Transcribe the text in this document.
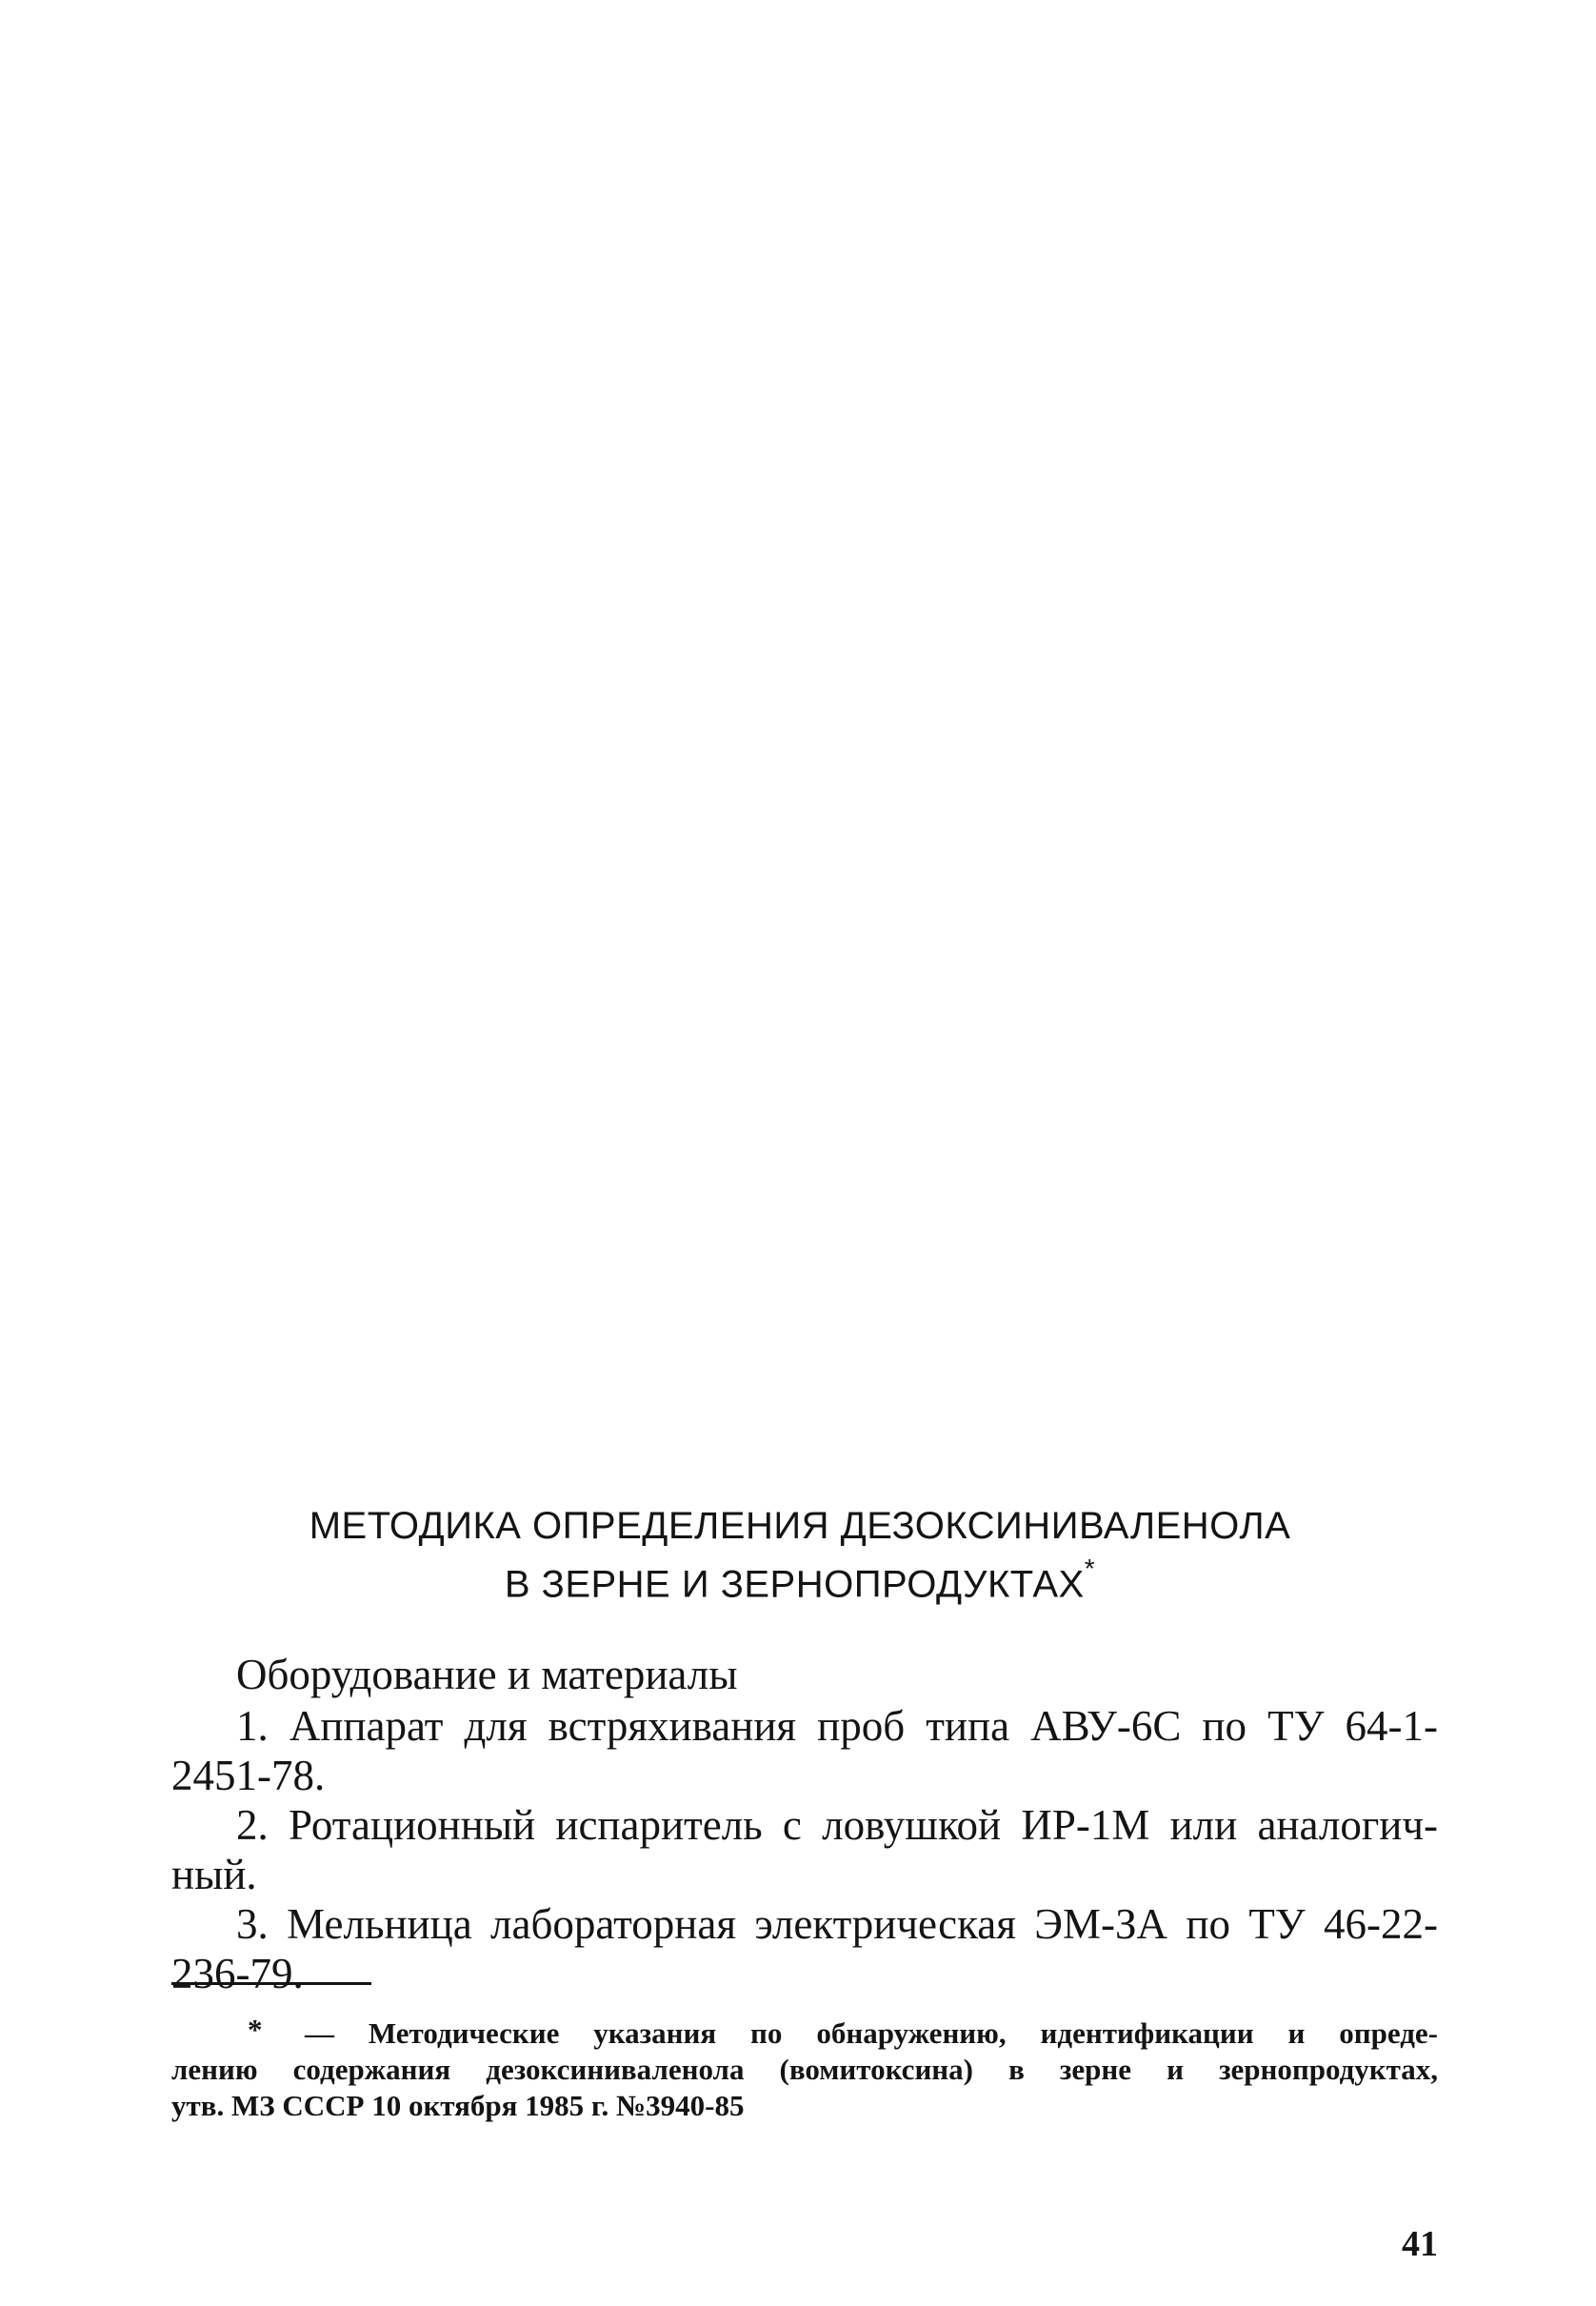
МЕТОДИКА ОПРЕДЕЛЕНИЯ ДЕЗОКСИНИВАЛЕНОЛА
В ЗЕРНЕ И ЗЕРНОПРОДУКТАХ*
Оборудование и материалы
1. Аппарат для встряхивания проб типа АВУ-6С по ТУ 64-1-
2451-78.
2. Ротационный испаритель с ловушкой ИР-1М или аналогич-
ный.
3. Мельница лабораторная электрическая ЭМ-ЗА по ТУ 46-22-
236-79.
* — Методические указания по обнаружению, идентификации и опреде-
лению содержания дезоксиниваленола (вомитоксина) в зерне и зернопродуктах,
утв. МЗ СССР 10 октября 1985 г. №3940-85
41
